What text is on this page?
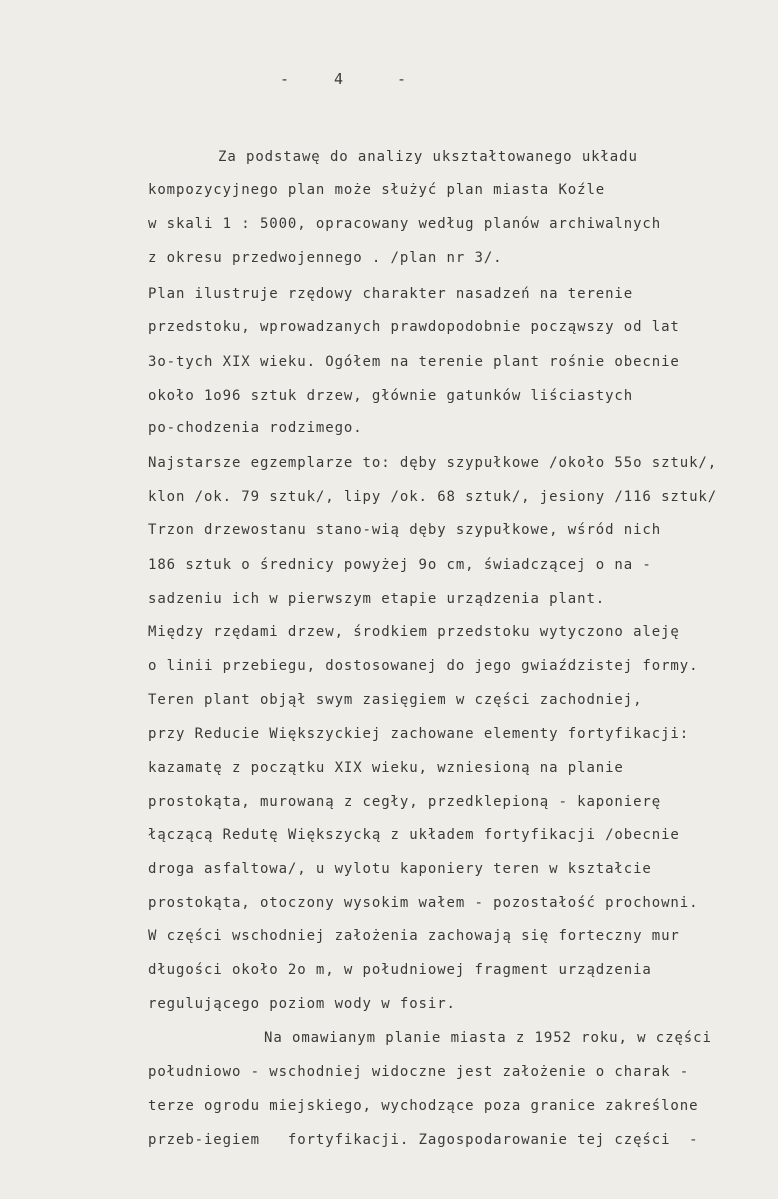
-	4	-
Za podstawę do analizy ukształtowanego układu
kompozycyjnego plan może służyć plan miasta Koźle
w skali 1 : 5000, opracowany według planów archiwalnych
z okresu przedwojennego . /plan nr 3/.
Plan ilustruje rzędowy charakter nasadzeń na terenie
przedstoku, wprowadzanych prawdopodobnie począwszy od lat
3o-tych XIX wieku. Ogółem na terenie plant rośnie obecnie
około 1o96 sztuk drzew, głównie gatunków liściastych
po-chodzenia rodzimego.
Najstarsze egzemplarze to: dęby szypułkowe /około 55o sztuk/,
klon /ok. 79 sztuk/, lipy /ok. 68 sztuk/, jesiony /116 sztuk/
Trzon drzewostanu stano-wią dęby szypułkowe, wśród nich
186 sztuk o średnicy powyżej 9o cm, świadczącej o na -
sadzeniu ich w pierwszym etapie urządzenia plant.
Między rzędami drzew, środkiem przedstoku wytyczono aleję
o linii przebiegu, dostosowanej do jego gwiaździstej formy.
Teren plant objął swym zasięgiem w części zachodniej,
przy Reducie Większyckiej zachowane elementy fortyfikacji:
kazamatę z początku XIX wieku, wzniesioną na planie
prostokąta, murowaną z cegły, przedklepioną - kaponierę
łączącą Redutę Większycką z układem fortyfikacji /obecnie
droga asfaltowa/, u wylotu kaponiery teren w kształcie
prostokąta, otoczony wysokim wałem - pozostałość prochowni.
W części wschodniej założenia zachowają się forteczny mur
długości około 2o m, w południowej fragment urządzenia
regulującego poziom wody w fosir.
Na omawianym planie miasta z 1952 roku, w części
południowo - wschodniej widoczne jest założenie o charak -
terze ogrodu miejskiego, wychodzące poza granice zakreślone
przeb-iegiem   fortyfikacji. Zagospodarowanie tej części  -
